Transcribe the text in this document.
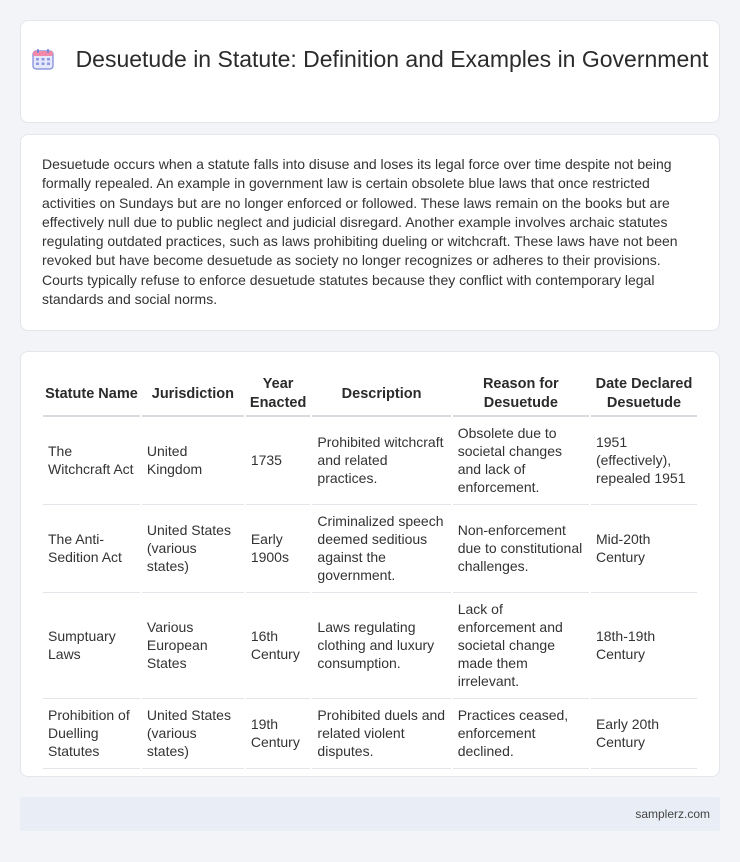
Desuetude in Statute: Definition and Examples in Government

Desuetude occurs when a statute falls into disuse and loses its legal force over time despite not being formally repealed. An example in government law is certain obsolete blue laws that once restricted activities on Sundays but are no longer enforced or followed. These laws remain on the books but are effectively null due to public neglect and judicial disregard. Another example involves archaic statutes regulating outdated practices, such as laws prohibiting dueling or witchcraft. These laws have not been revoked but have become desuetude as society no longer recognizes or adheres to their provisions. Courts typically refuse to enforce desuetude statutes because they conflict with contemporary legal standards and social norms.

Statute Name	Jurisdiction	Year Enacted	Description	Reason for Desuetude	Date Declared Desuetude
The Witchcraft Act	United Kingdom	1735	Prohibited witchcraft and related practices.	Obsolete due to societal changes and lack of enforcement.	1951 (effectively), repealed 1951
The Anti-Sedition Act	United States (various states)	Early 1900s	Criminalized speech deemed seditious against the government.	Non-enforcement due to constitutional challenges.	Mid-20th Century
Sumptuary Laws	Various European States	16th Century	Laws regulating clothing and luxury consumption.	Lack of enforcement and societal change made them irrelevant.	18th-19th Century
Prohibition of Duelling Statutes	United States (various states)	19th Century	Prohibited duels and related violent disputes.	Practices ceased, enforcement declined.	Early 20th Century
samplerz.com
